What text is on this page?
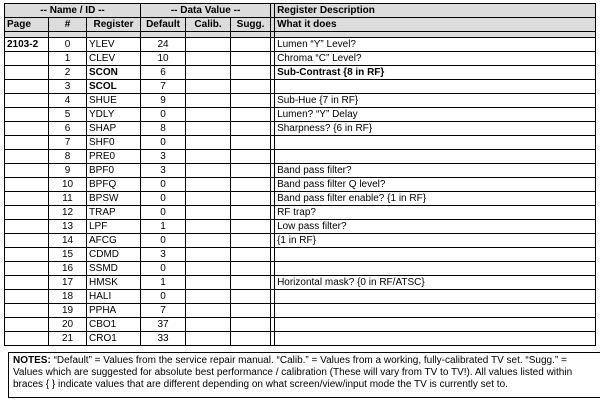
-- Name / ID --			-- Data Value --				Register Description
Page	#	Register	Default	Calib.	Sugg.		What it does

2103-2	0	YLEV	24				Lumen “Y” Level?
	1	CLEV	10				Chroma “C” Level?
	2	SCON	6				Sub-Contrast {8 in RF}
	3	SCOL	7				
	4	SHUE	9				Sub-Hue {7 in RF}
	5	YDLY	0				Lumen? “Y” Delay
	6	SHAP	8				Sharpness? {6 in RF}
	7	SHF0	0				
	8	PRE0	3				
	9	BPF0	3				Band pass filter?
	10	BPFQ	0				Band pass filter Q level?
	11	BPSW	0				Band pass filter enable? {1 in RF}
	12	TRAP	0				RF trap?
	13	LPF	1				Low pass filter?
	14	AFCG	0				{1 in RF}
	15	CDMD	3				
	16	SSMD	0				
	17	HMSK	1				Horizontal mask? {0 in RF/ATSC}
	18	HALI	0				
	19	PPHA	7				
	20	CBO1	37				
	21	CRO1	33				
NOTES: “Default” = Values from the service repair manual. “Calib.” = Values from a working, fully-calibrated TV set. “Sugg.” = Values which are suggested for absolute best performance / calibration (These will vary from TV to TV!). All values listed within braces { } indicate values that are different depending on what screen/view/input mode the TV is currently set to.
